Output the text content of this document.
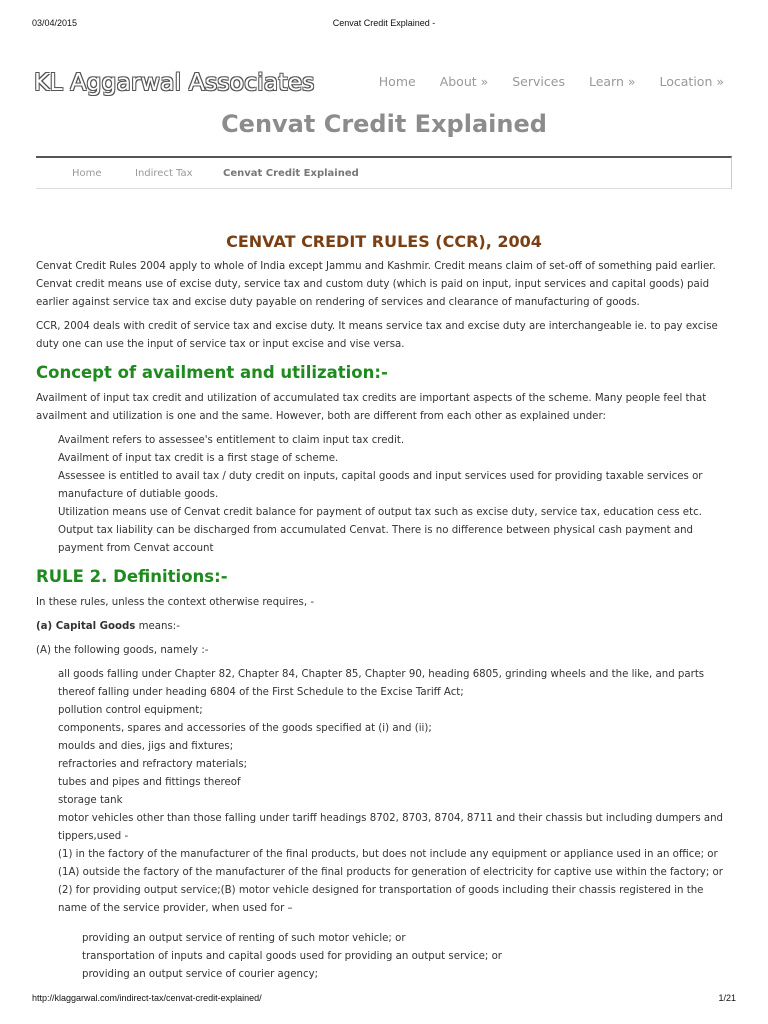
03/04/2015	Cenvat Credit Explained -
KL Aggarwal Associates	Home About » Services Learn » Location »
Cenvat Credit Explained
Home	Indirect Tax	Cenvat Credit Explained
CENVAT CREDIT RULES (CCR), 2004

Cenvat Credit Rules 2004 apply to whole of India except Jammu and Kashmir. Credit means claim of set-off of something paid earlier. Cenvat credit means use of excise duty, service tax and custom duty (which is paid on input, input services and capital goods) paid earlier against service tax and excise duty payable on rendering of services and clearance of manufacturing of goods.

CCR, 2004 deals with credit of service tax and excise duty. It means service tax and excise duty are interchangeable ie. to pay excise duty one can use the input of service tax or input excise and vise versa.

Concept of availment and utilization:-

Availment of input tax credit and utilization of accumulated tax credits are important aspects of the scheme. Many people feel that availment and utilization is one and the same. However, both are different from each other as explained under:

Availment refers to assessee's entitlement to claim input tax credit.
Availment of input tax credit is a first stage of scheme.
Assessee is entitled to avail tax / duty credit on inputs, capital goods and input services used for providing taxable services or manufacture of dutiable goods.
Utilization means use of Cenvat credit balance for payment of output tax such as excise duty, service tax, education cess etc.
Output tax liability can be discharged from accumulated Cenvat. There is no difference between physical cash payment and payment from Cenvat account
RULE 2. Definitions:-

In these rules, unless the context otherwise requires, -

(a) Capital Goods means:-

(A) the following goods, namely :-

all goods falling under Chapter 82, Chapter 84, Chapter 85, Chapter 90, heading 6805, grinding wheels and the like, and parts thereof falling under heading 6804 of the First Schedule to the Excise Tariff Act;
pollution control equipment;
components, spares and accessories of the goods specified at (i) and (ii);
moulds and dies, jigs and fixtures;
refractories and refractory materials;
tubes and pipes and fittings thereof
storage tank
motor vehicles other than those falling under tariff headings 8702, 8703, 8704, 8711 and their chassis but including dumpers and tippers,used -
(1) in the factory of the manufacturer of the final products, but does not include any equipment or appliance used in an office; or
(1A) outside the factory of the manufacturer of the final products for generation of electricity for captive use within the factory; or
(2) for providing output service;(B) motor vehicle designed for transportation of goods including their chassis registered in the name of the service provider, when used for –
providing an output service of renting of such motor vehicle; or
transportation of inputs and capital goods used for providing an output service; or
providing an output service of courier agency;
http://klaggarwal.com/indirect-tax/cenvat-credit-explained/	1/21
